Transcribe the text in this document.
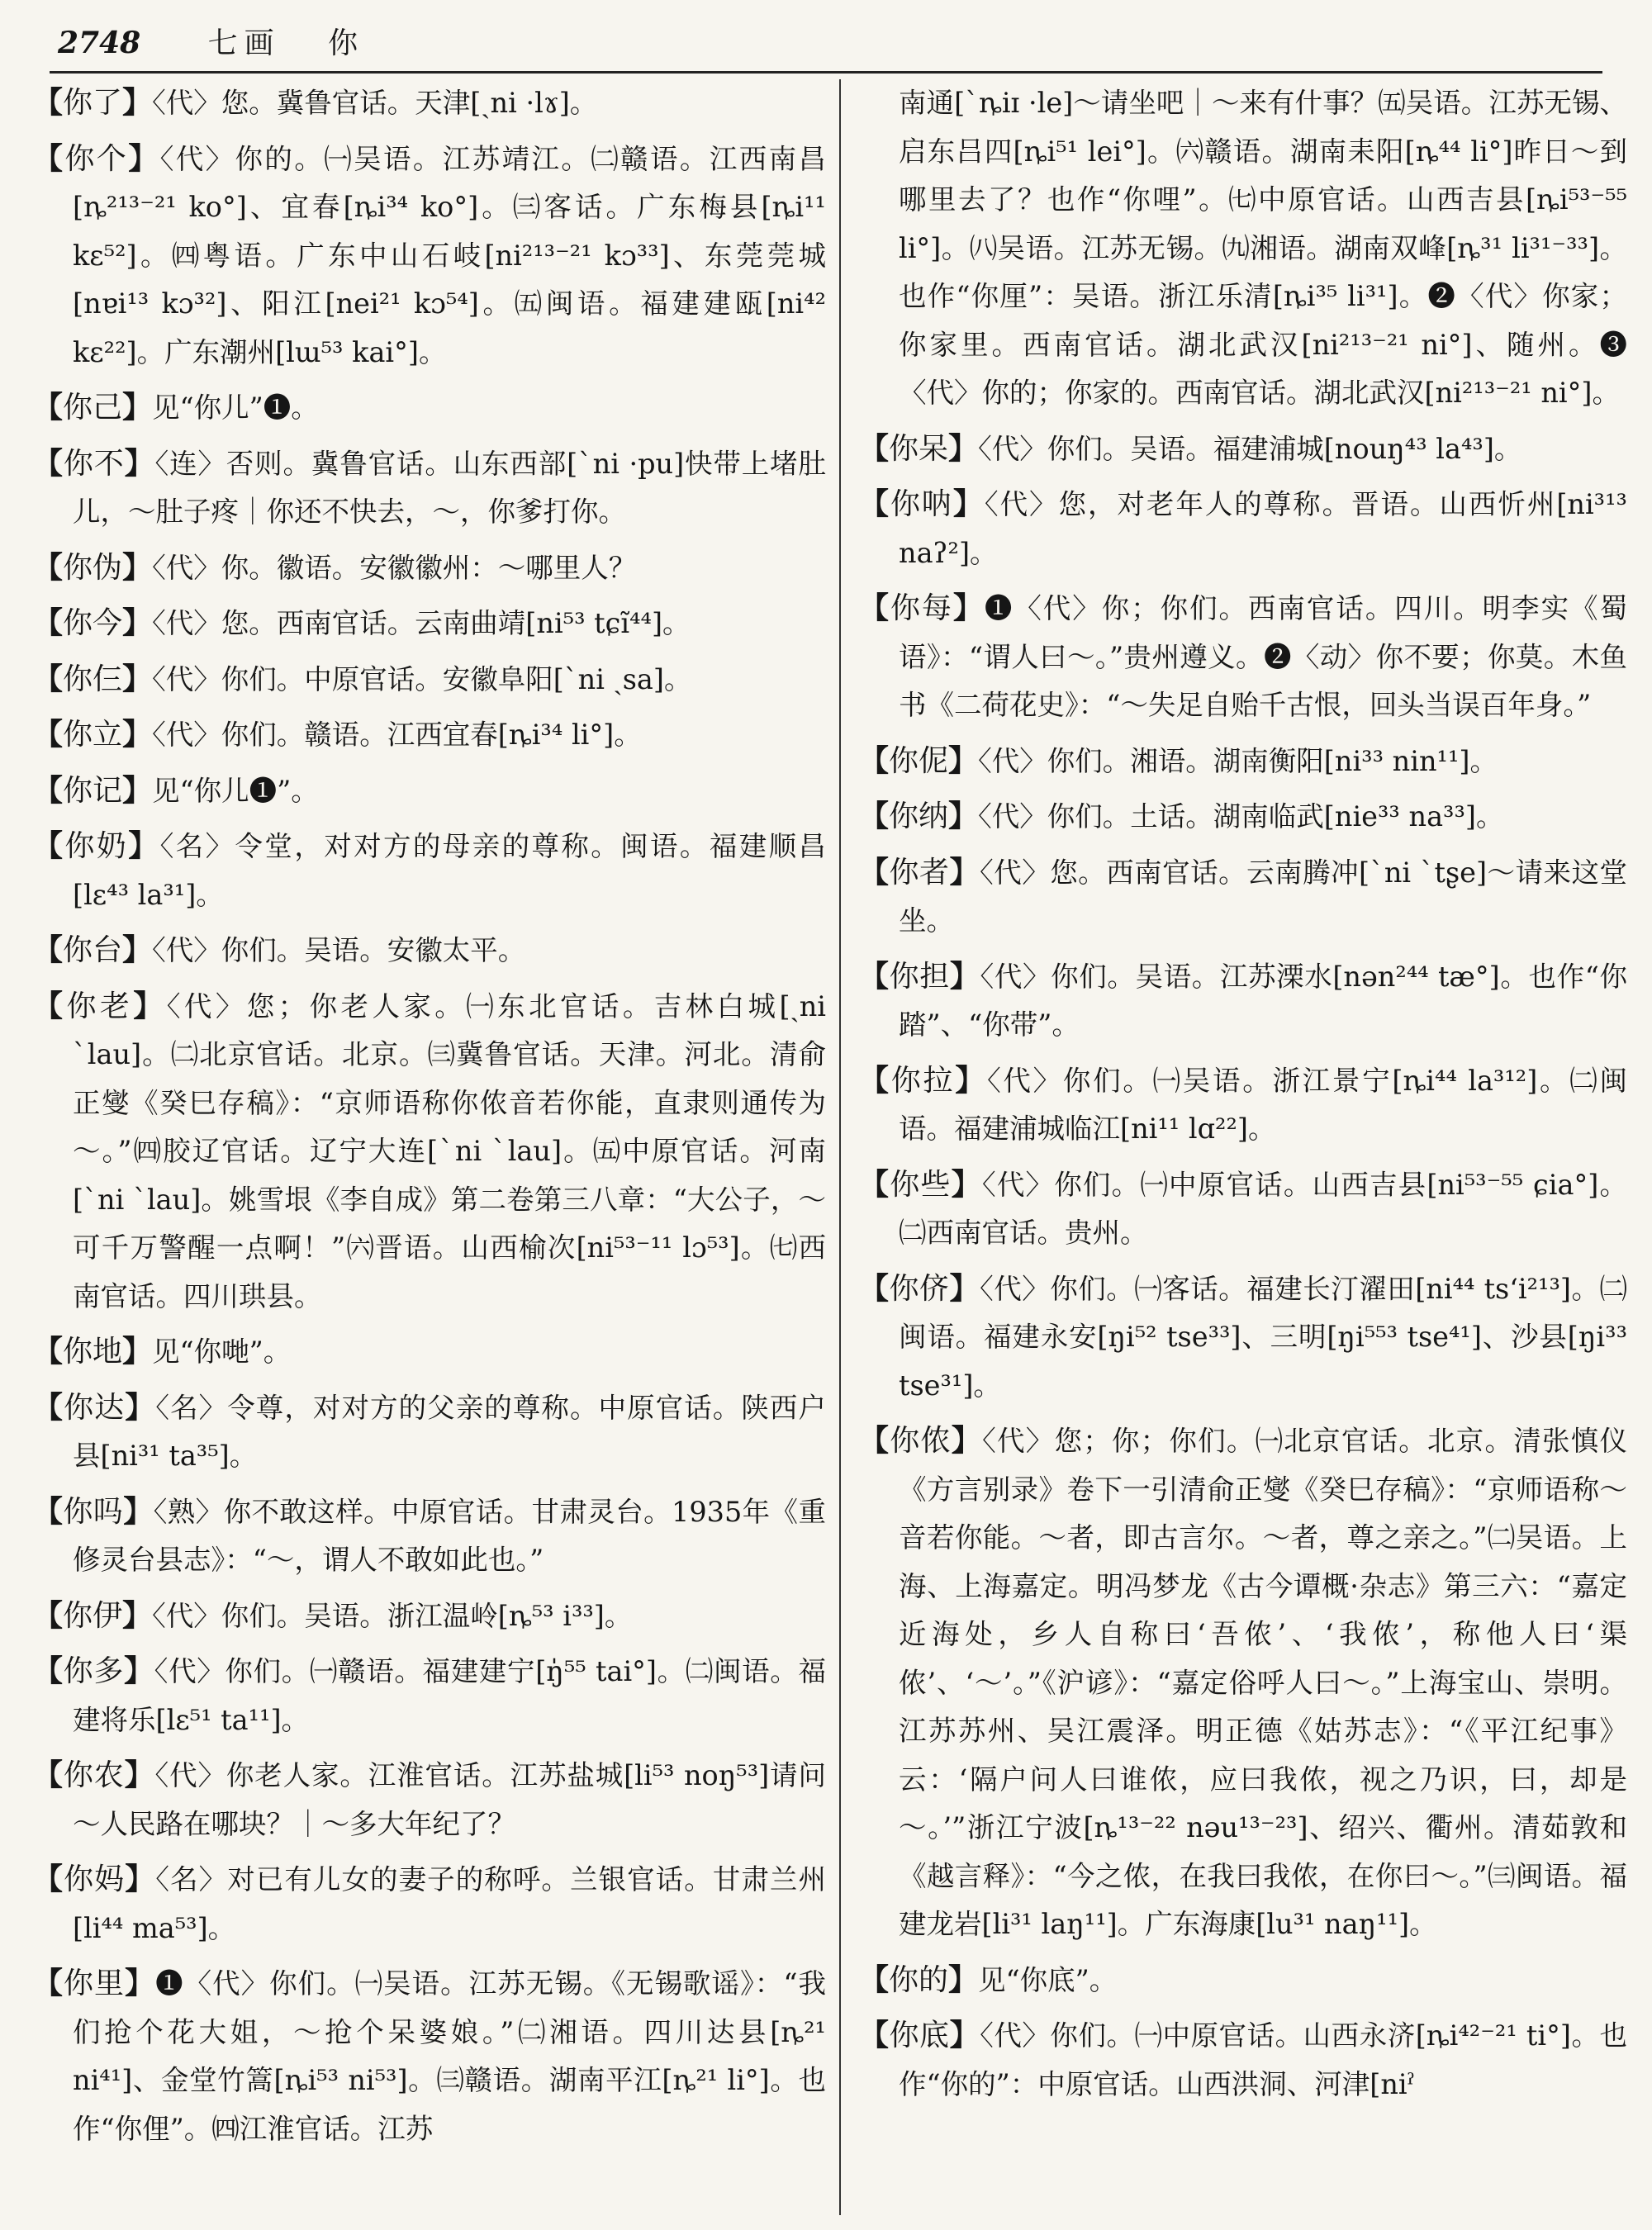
2748 七画 你

【你了】〈代〉您。冀鲁官话。天津[ˏni ·lɤ]。

【你个】〈代〉你的。㈠吴语。江苏靖江。㈡赣语。江西南昌[ȵ²¹³⁻²¹ ko°]、宜春[ȵi³⁴ ko°]。㈢客话。广东梅县[ȵi¹¹ kɛ⁵²]。㈣粤语。广东中山石岐[ni²¹³⁻²¹ kɔ³³]、东莞莞城[nɐi¹³ kɔ³²]、阳江[nei²¹ kɔ⁵⁴]。㈤闽语。福建建瓯[ni⁴² kɛ²²]。广东潮州[lɯ⁵³ kai°]。

【你己】见“你儿”❶。

【你不】〈连〉否则。冀鲁官话。山东西部[ˋni ·pu]快带上堵肚儿，～肚子疼｜你还不快去，～，你爹打你。

【你伪】〈代〉你。徽语。安徽徽州：～哪里人？

【你今】〈代〉您。西南官话。云南曲靖[ni⁵³ tɕĩ⁴⁴]。

【你仨】〈代〉你们。中原官话。安徽阜阳[ˋni ˏsa]。

【你立】〈代〉你们。赣语。江西宜春[ȵi³⁴ li°]。

【你记】见“你儿❶”。

【你奶】〈名〉令堂，对对方的母亲的尊称。闽语。福建顺昌[lɛ⁴³ la³¹]。

【你台】〈代〉你们。吴语。安徽太平。

【你老】〈代〉您；你老人家。㈠东北官话。吉林白城[ˏni ˋlau]。㈡北京官话。北京。㈢冀鲁官话。天津。河北。清俞正燮《癸巳存稿》：“京师语称你侬音若你能，直隶则通传为～。”㈣胶辽官话。辽宁大连[ˋni ˋlau]。㈤中原官话。河南[ˋni ˋlau]。姚雪垠《李自成》第二卷第三八章：“大公子，～可千万警醒一点啊！”㈥晋语。山西榆次[ni⁵³⁻¹¹ lɔ⁵³]。㈦西南官话。四川珙县。

【你地】见“你哋”。

【你达】〈名〉令尊，对对方的父亲的尊称。中原官话。陕西户县[ni³¹ ta³⁵]。

【你吗】〈熟〉你不敢这样。中原官话。甘肃灵台。1935年《重修灵台县志》：“～，谓人不敢如此也。”

【你伊】〈代〉你们。吴语。浙江温岭[ȵ⁵³ i³³]。

【你多】〈代〉你们。㈠赣语。福建建宁[ŋ̍⁵⁵ tai°]。㈡闽语。福建将乐[lɛ⁵¹ ta¹¹]。

【你农】〈代〉你老人家。江淮官话。江苏盐城[li⁵³ noŋ⁵³]请问～人民路在哪块？｜～多大年纪了？

【你妈】〈名〉对已有儿女的妻子的称呼。兰银官话。甘肃兰州[li⁴⁴ ma⁵³]。

【你里】❶〈代〉你们。㈠吴语。江苏无锡。《无锡歌谣》：“我们抢个花大姐，～抢个呆婆娘。”㈡湘语。四川达县[ȵ²¹ ni⁴¹]、金堂竹篙[ȵi⁵³ ni⁵³]。㈢赣语。湖南平江[ȵ²¹ li°]。也作“你俚”。㈣江淮官话。江苏

南通[ˋȵiɪ ·le]～请坐吧｜～来有什事？㈤吴语。江苏无锡、启东吕四[ȵi⁵¹ lei°]。㈥赣语。湖南耒阳[ȵ⁴⁴ li°]昨日～到哪里去了？也作“你哩”。㈦中原官话。山西吉县[ȵi⁵³⁻⁵⁵ li°]。㈧吴语。江苏无锡。㈨湘语。湖南双峰[ȵ³¹ li³¹⁻³³]。也作“你厘”：吴语。浙江乐清[ȵi³⁵ li³¹]。❷〈代〉你家；你家里。西南官话。湖北武汉[ni²¹³⁻²¹ ni°]、随州。❸〈代〉你的；你家的。西南官话。湖北武汉[ni²¹³⁻²¹ ni°]。

【你呆】〈代〉你们。吴语。福建浦城[nouŋ⁴³ la⁴³]。

【你呐】〈代〉您，对老年人的尊称。晋语。山西忻州[ni³¹³ naʔ²]。

【你每】❶〈代〉你；你们。西南官话。四川。明李实《蜀语》：“谓人曰～。”贵州遵义。❷〈动〉你不要；你莫。木鱼书《二荷花史》：“～失足自贻千古恨，回头当误百年身。”

【你伲】〈代〉你们。湘语。湖南衡阳[ni³³ nin¹¹]。

【你纳】〈代〉你们。土话。湖南临武[nie³³ na³³]。

【你者】〈代〉您。西南官话。云南腾冲[ˋni ˋtʂe]～请来这堂坐。

【你担】〈代〉你们。吴语。江苏溧水[nən²⁴⁴ tæ°]。也作“你踏”、“你带”。

【你拉】〈代〉你们。㈠吴语。浙江景宁[ȵi⁴⁴ la³¹²]。㈡闽语。福建浦城临江[ni¹¹ lɑ²²]。

【你些】〈代〉你们。㈠中原官话。山西吉县[ni⁵³⁻⁵⁵ ɕia°]。㈡西南官话。贵州。

【你侪】〈代〉你们。㈠客话。福建长汀濯田[ni⁴⁴ tsʻi²¹³]。㈡闽语。福建永安[ŋi⁵² tse³³]、三明[ŋi⁵⁵³ tse⁴¹]、沙县[ŋi³³ tse³¹]。

【你侬】〈代〉您；你；你们。㈠北京官话。北京。清张慎仪《方言别录》卷下一引清俞正燮《癸巳存稿》：“京师语称～音若你能。～者，即古言尔。～者，尊之亲之。”㈡吴语。上海、上海嘉定。明冯梦龙《古今谭概·杂志》第三六：“嘉定近海处，乡人自称曰‘吾侬’、‘我侬’，称他人曰‘渠侬’、‘～’。”《沪谚》：“嘉定俗呼人曰～。”上海宝山、崇明。江苏苏州、吴江震泽。明正德《姑苏志》：“《平江纪事》云：‘隔户问人曰谁侬，应曰我侬，视之乃识，曰，却是～。’”浙江宁波[ȵ¹³⁻²² nəu¹³⁻²³]、绍兴、衢州。清茹敦和《越言释》：“今之侬，在我曰我侬，在你曰～。”㈢闽语。福建龙岩[li³¹ laŋ¹¹]。广东海康[lu³¹ naŋ¹¹]。

【你的】见“你底”。

【你底】〈代〉你们。㈠中原官话。山西永济[ȵi⁴²⁻²¹ ti°]。也作“你的”：中原官话。山西洪洞、河津[niˀ
